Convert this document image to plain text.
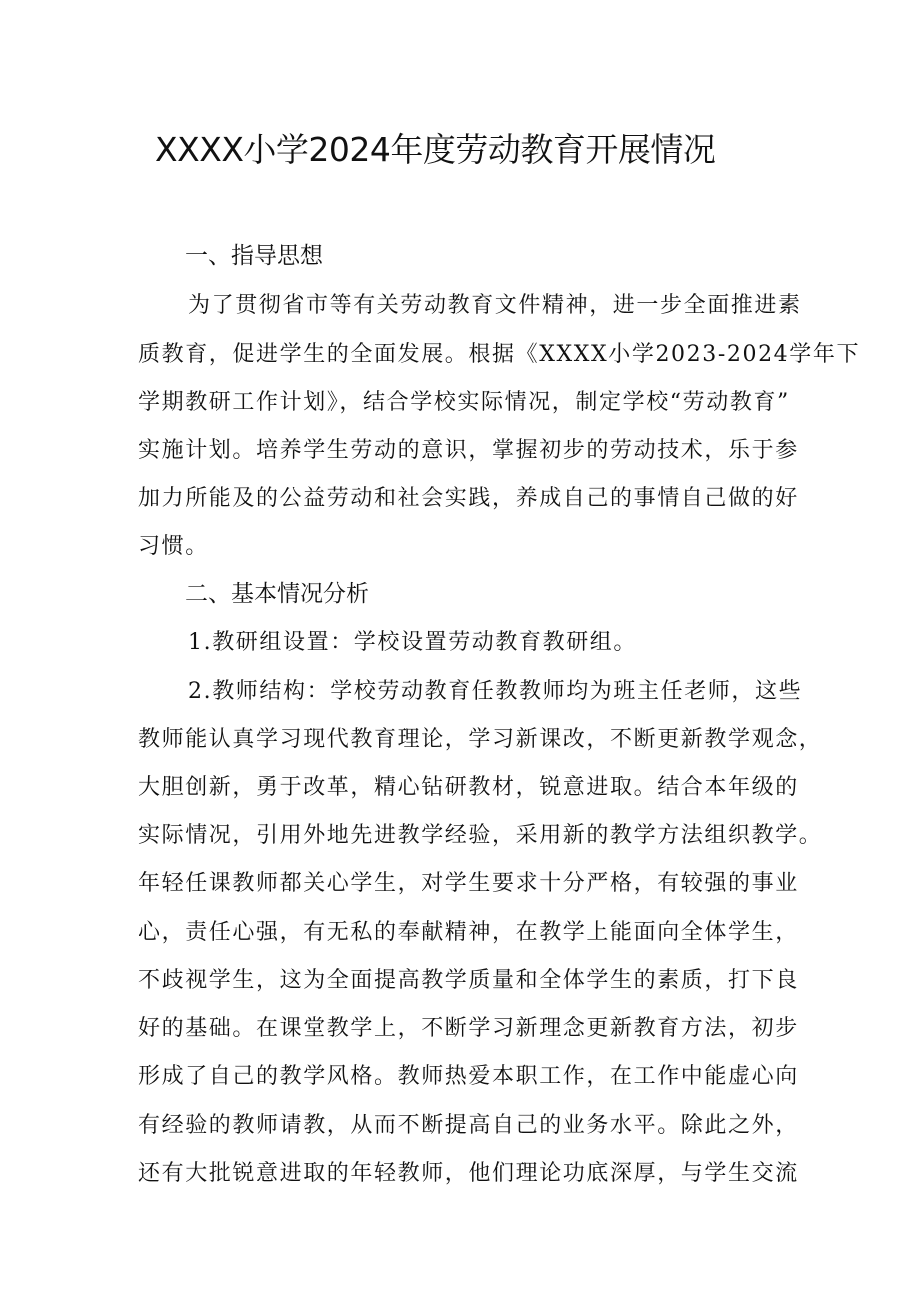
XXXX小学2024年度劳动教育开展情况
一、指导思想
为了贯彻省市等有关劳动教育文件精神，进一步全面推进素
质教育，促进学生的全面发展。根据《XXXX小学2023-2024学年下
学期教研工作计划》，结合学校实际情况，制定学校“劳动教育”
实施计划。培养学生劳动的意识，掌握初步的劳动技术，乐于参
加力所能及的公益劳动和社会实践，养成自己的事情自己做的好
习惯。
二、基本情况分析
1.教研组设置：学校设置劳动教育教研组。
2.教师结构：学校劳动教育任教教师均为班主任老师，这些
教师能认真学习现代教育理论，学习新课改，不断更新教学观念，
大胆创新，勇于改革，精心钻研教材，锐意进取。结合本年级的
实际情况，引用外地先进教学经验，采用新的教学方法组织教学。
年轻任课教师都关心学生，对学生要求十分严格，有较强的事业
心，责任心强，有无私的奉献精神，在教学上能面向全体学生，
不歧视学生，这为全面提高教学质量和全体学生的素质，打下良
好的基础。在课堂教学上，不断学习新理念更新教育方法，初步
形成了自己的教学风格。教师热爱本职工作，在工作中能虚心向
有经验的教师请教，从而不断提高自己的业务水平。除此之外，
还有大批锐意进取的年轻教师，他们理论功底深厚，与学生交流
